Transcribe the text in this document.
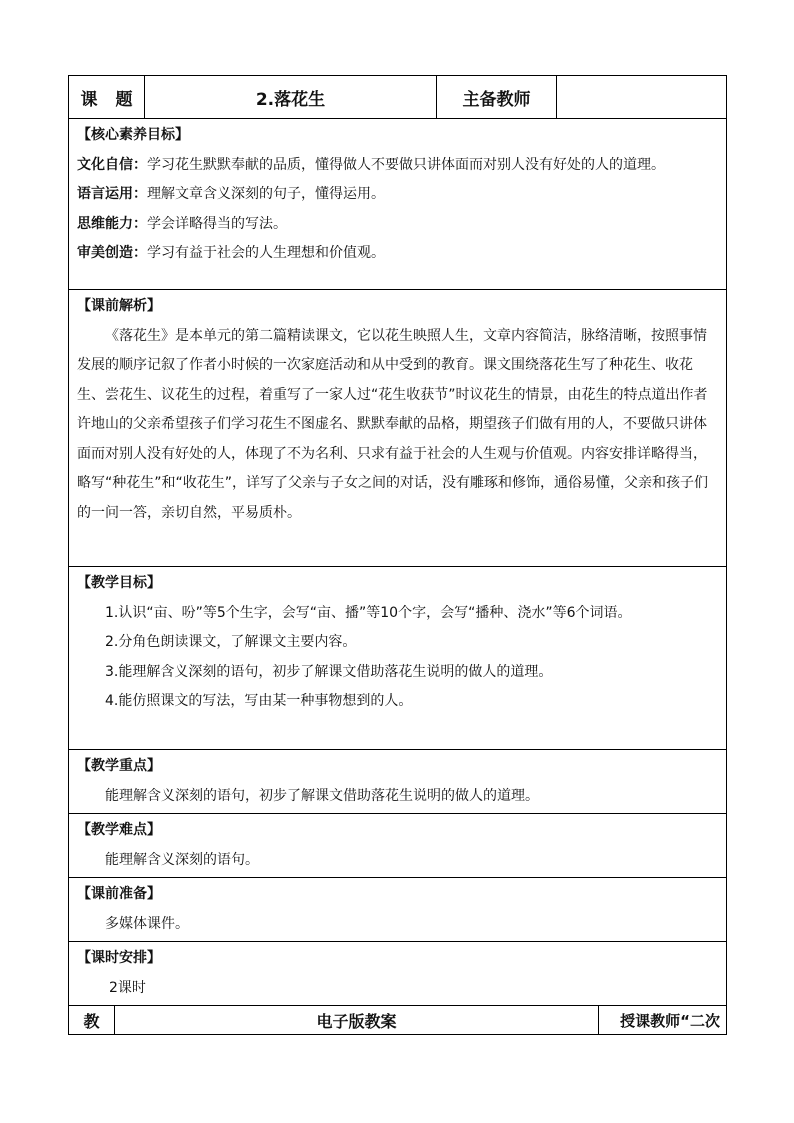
课 题	2.落花生	主备教师	

【核心素养目标】
文化自信：学习花生默默奉献的品质，懂得做人不要做只讲体面而对别人没有好处的人的道理。
语言运用：理解文章含义深刻的句子，懂得运用。
思维能力：学会详略得当的写法。
审美创造：学习有益于社会的人生理想和价值观。

【课前解析】
《落花生》是本单元的第二篇精读课文，它以花生映照人生，文章内容简洁，脉络清晰，按照事情发展的顺序记叙了作者小时候的一次家庭活动和从中受到的教育。课文围绕落花生写了种花生、收花生、尝花生、议花生的过程，着重写了一家人过“花生收获节”时议花生的情景，由花生的特点道出作者许地山的父亲希望孩子们学习花生不图虚名、默默奉献的品格，期望孩子们做有用的人，不要做只讲体面而对别人没有好处的人，体现了不为名利、只求有益于社会的人生观与价值观。内容安排详略得当，略写“种花生”和“收花生”，详写了父亲与子女之间的对话，没有雕琢和修饰，通俗易懂，父亲和孩子们的一问一答，亲切自然，平易质朴。

【教学目标】
1.认识“亩、吩”等5个生字，会写“亩、播”等10个字，会写“播种、浇水”等6个词语。
2.分角色朗读课文，了解课文主要内容。
3.能理解含义深刻的语句，初步了解课文借助落花生说明的做人的道理。
4.能仿照课文的写法，写由某一种事物想到的人。

【教学重点】
能理解含义深刻的语句，初步了解课文借助落花生说明的做人的道理。

【教学难点】
能理解含义深刻的语句。

【课前准备】
多媒体课件。

【课时安排】
2课时
教	电子版教案	授课教师“二次
